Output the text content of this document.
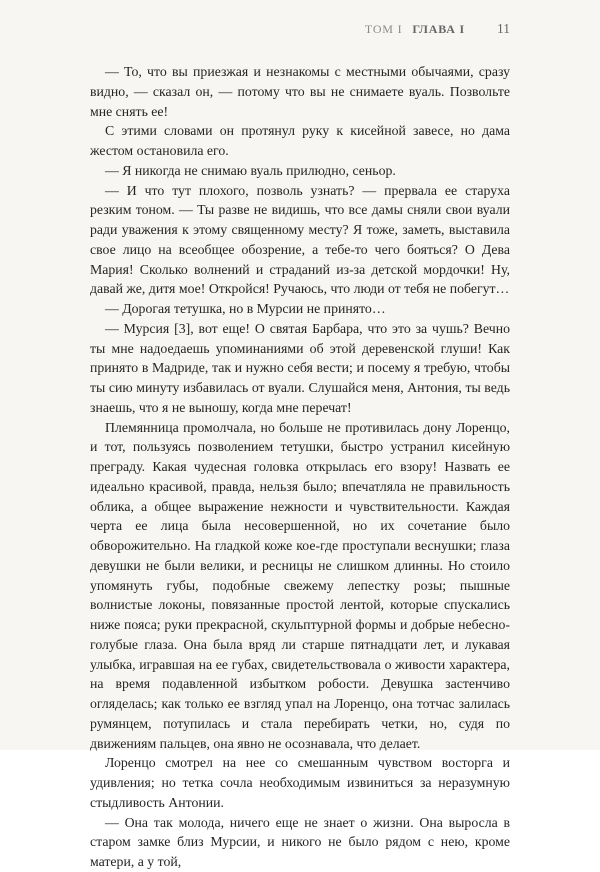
ТОМ I ГЛАВА I 11

— То, что вы приезжая и незнакомы с местными обычаями, сразу видно, — сказал он, — потому что вы не снимаете вуаль. Позвольте мне снять ее!

С этими словами он протянул руку к кисейной завесе, но дама жестом остановила его.

— Я никогда не снимаю вуаль прилюдно, сеньор.

— И что тут плохого, позволь узнать? — прервала ее старуха резким тоном. — Ты разве не видишь, что все дамы сняли свои вуали ради уважения к этому священному месту? Я тоже, заметь, выставила свое лицо на всеобщее обозрение, а тебе-то чего бояться? О Дева Мария! Сколько волнений и страданий из-за детской мордочки! Ну, давай же, дитя мое! Откройся! Ручаюсь, что люди от тебя не побегут…

— Дорогая тетушка, но в Мурсии не принято…

— Мурсия [3], вот еще! О святая Барбара, что это за чушь? Вечно ты мне надоедаешь упоминаниями об этой деревенской глуши! Как принято в Мадриде, так и нужно себя вести; и посему я требую, чтобы ты сию минуту избавилась от вуали. Слушайся меня, Антония, ты ведь знаешь, что я не выношу, когда мне перечат!

Племянница промолчала, но больше не противилась дону Лоренцо, и тот, пользуясь позволением тетушки, быстро устранил кисейную преграду. Какая чудесная головка открылась его взору! Назвать ее идеально красивой, правда, нельзя было; впечатляла не правильность облика, а общее выражение нежности и чувствительности. Каждая черта ее лица была несовершенной, но их сочетание было обворожительно. На гладкой коже кое-где проступали веснушки; глаза девушки не были велики, и ресницы не слишком длинны. Но стоило упомянуть губы, подобные свежему лепестку розы; пышные волнистые локоны, повязанные простой лентой, которые спускались ниже пояса; руки прекрасной, скульптурной формы и добрые небесно-голубые глаза. Она была вряд ли старше пятнадцати лет, и лукавая улыбка, игравшая на ее губах, свидетельствовала о живости характера, на время подавленной избытком робости. Девушка застенчиво огляделась; как только ее взгляд упал на Лоренцо, она тотчас залилась румянцем, потупилась и стала перебирать четки, но, судя по движениям пальцев, она явно не осознавала, что делает.

Лоренцо смотрел на нее со смешанным чувством восторга и удивления; но тетка сочла необходимым извиниться за неразумную стыдливость Антонии.

— Она так молода, ничего еще не знает о жизни. Она выросла в старом замке близ Мурсии, и никого не было рядом с нею, кроме матери, а у той,
